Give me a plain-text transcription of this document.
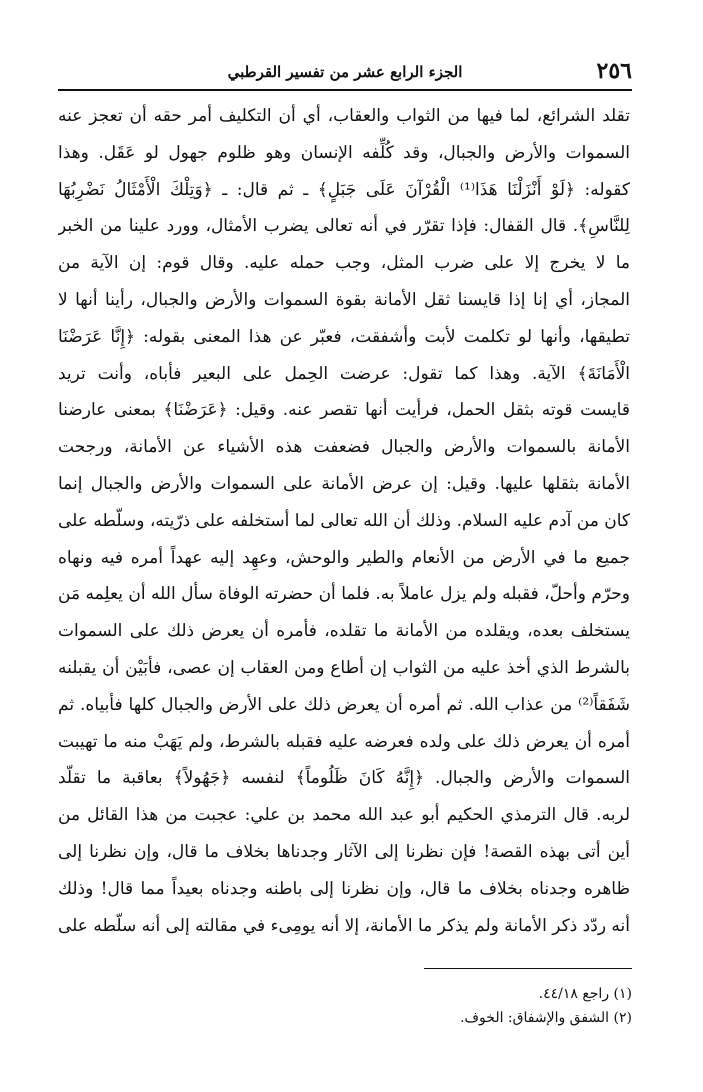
٢٥٦
الجزء الرابع عشر من تفسير القرطبي
تقلد الشرائع، لما فيها من الثواب والعقاب، أي أن التكليف أمر حقه أن تعجز عنه
السموات والأرض والجبال، وقد كُلِّفه الإنسان وهو ظلوم جهول لو عَقَل. وهذا
كقوله: ﴿لَوْ أَنْزَلْنَا هَذَا⁽¹⁾ الْقُرْآنَ عَلَى جَبَلٍ﴾ ـ ثم قال: ـ ﴿وَتِلْكَ الْأَمْثَالُ نَضْرِبُهَا
لِلنَّاسِ﴾. قال القفال: فإذا تقرّر في أنه تعالى يضرب الأمثال، وورد علينا من الخبر
ما لا يخرج إلا على ضرب المثل، وجب حمله عليه. وقال قوم: إن الآية من
المجاز، أي إنا إذا قايسنا ثقل الأمانة بقوة السموات والأرض والجبال، رأينا أنها لا
تطيقها، وأنها لو تكلمت لأبت وأشفقت، فعبّر عن هذا المعنى بقوله: ﴿إِنَّا عَرَضْنَا
الْأَمَانَةَ﴾ الآية. وهذا كما تقول: عرضت الحِمل على البعير فأباه، وأنت تريد
قايست قوته بثقل الحمل، فرأيت أنها تقصر عنه. وقيل: ﴿عَرَضْنَا﴾ بمعنى عارضنا
الأمانة بالسموات والأرض والجبال فضعفت هذه الأشياء عن الأمانة، ورجحت
الأمانة بثقلها عليها. وقيل: إن عرض الأمانة على السموات والأرض والجبال إنما
كان من آدم عليه السلام. وذلك أن الله تعالى لما أستخلفه على ذرّيته، وسلّطه على
جميع ما في الأرض من الأنعام والطير والوحش، وعهِد إليه عهداً أمره فيه ونهاه
وحرّم وأحلّ، فقبله ولم يزل عاملاً به. فلما أن حضرته الوفاة سأل الله أن يعلِمه مَن
يستخلف بعده، ويقلده من الأمانة ما تقلده، فأمره أن يعرض ذلك على السموات
بالشرط الذي أخذ عليه من الثواب إن أطاع ومن العقاب إن عصى، فأبَيْن أن يقبلنه
شَفَقاً⁽²⁾ من عذاب الله. ثم أمره أن يعرض ذلك على الأرض والجبال كلها فأبياه. ثم
أمره أن يعرض ذلك على ولده فعرضه عليه فقبله بالشرط، ولم يَهَبْ منه ما تهيبت
السموات والأرض والجبال. ﴿إِنَّهُ كَانَ ظَلُوماً﴾ لنفسه ﴿جَهُولاً﴾ بعاقبة ما تقلّد
لربه. قال الترمذي الحكيم أبو عبد الله محمد بن علي: عجبت من هذا القائل من
أين أتى بهذه القصة! فإن نظرنا إلى الآثار وجدناها بخلاف ما قال، وإن نظرنا إلى
ظاهره وجدناه بخلاف ما قال، وإن نظرنا إلى باطنه وجدناه بعيداً مما قال! وذلك
أنه ردّد ذكر الأمانة ولم يذكر ما الأمانة، إلا أنه يومِىء في مقالته إلى أنه سلّطه على
(١) راجع ٤٤/١٨.
(٢) الشفق والإشفاق: الخوف.
